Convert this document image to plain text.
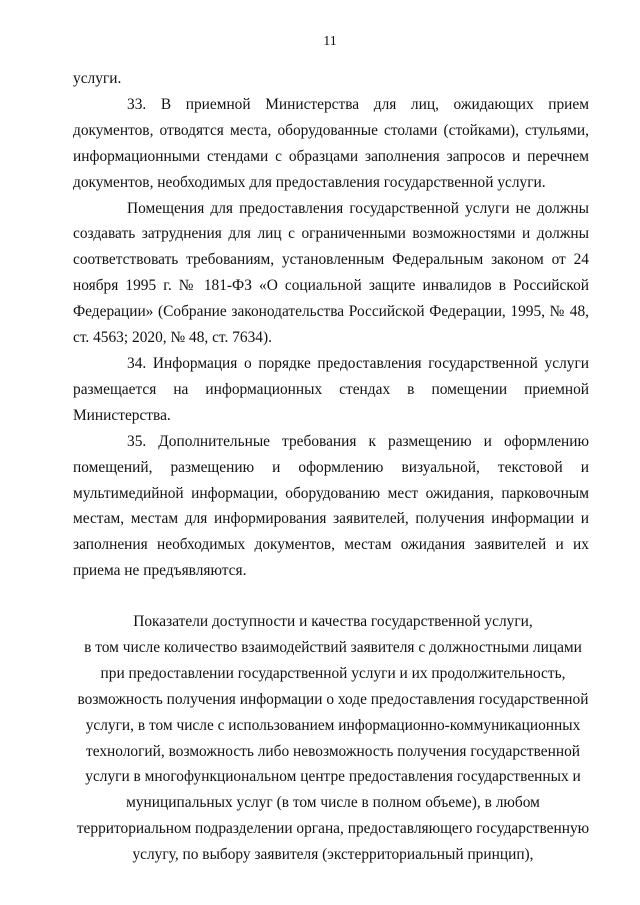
11

услуги.

33. В приемной Министерства для лиц, ожидающих прием документов, отводятся места, оборудованные столами (стойками), стульями, информационными стендами с образцами заполнения запросов и перечнем документов, необходимых для предоставления государственной услуги.

Помещения для предоставления государственной услуги не должны создавать затруднения для лиц с ограниченными возможностями и должны соответствовать требованиям, установленным Федеральным законом от 24 ноября 1995 г. № 181-ФЗ «О социальной защите инвалидов в Российской Федерации» (Собрание законодательства Российской Федерации, 1995, № 48, ст. 4563; 2020, № 48, ст. 7634).

34. Информация о порядке предоставления государственной услуги размещается на информационных стендах в помещении приемной Министерства.

35. Дополнительные требования к размещению и оформлению помещений, размещению и оформлению визуальной, текстовой и мультимедийной информации, оборудованию мест ожидания, парковочным местам, местам для информирования заявителей, получения информации и заполнения необходимых документов, местам ожидания заявителей и их приема не предъявляются.

Показатели доступности и качества государственной услуги,
в том числе количество взаимодействий заявителя с должностными лицами
при предоставлении государственной услуги и их продолжительность,
возможность получения информации о ходе предоставления государственной
услуги, в том числе с использованием информационно-коммуникационных
технологий, возможность либо невозможность получения государственной
услуги в многофункциональном центре предоставления государственных и
муниципальных услуг (в том числе в полном объеме), в любом
территориальном подразделении органа, предоставляющего государственную
услугу, по выбору заявителя (экстерриториальный принцип),
